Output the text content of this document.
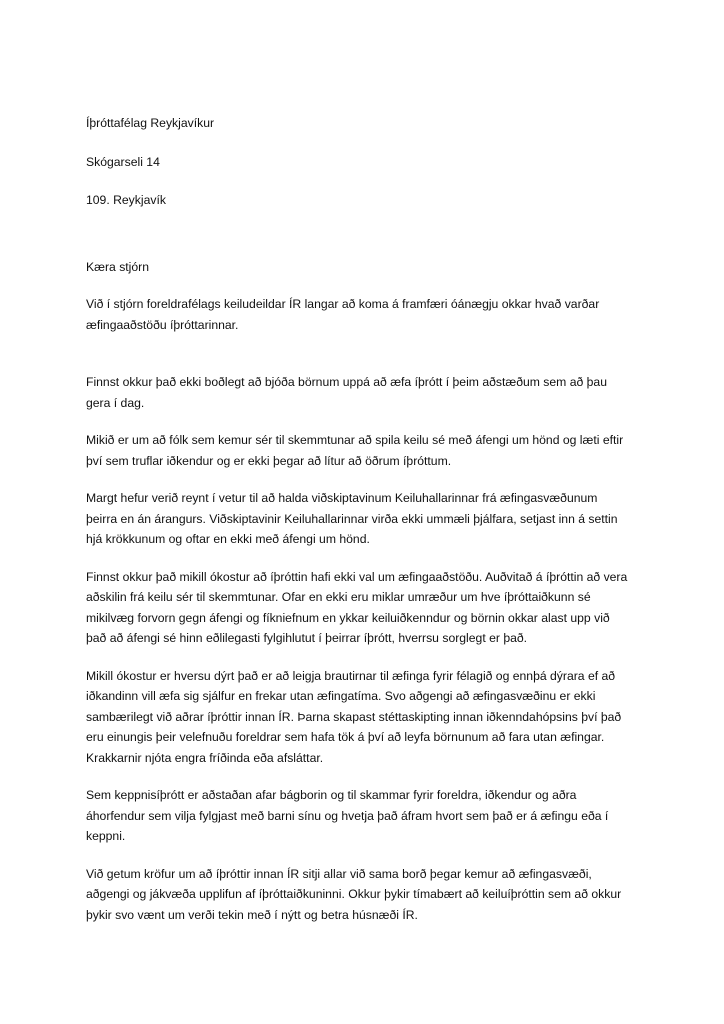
Íþróttafélag Reykjavíkur
Skógarseli 14
109. Reykjavík
Kæra stjórn
Við í stjórn foreldrafélags keiludeildar ÍR langar að koma á framfæri óánægju okkar hvað varðar
æfingaaðstöðu íþróttarinnar.
Finnst okkur það ekki boðlegt að bjóða börnum uppá að æfa íþrótt í þeim aðstæðum sem að þau
gera í dag.
Mikið er um að fólk sem kemur sér til skemmtunar að spila keilu sé með áfengi um hönd og læti eftir
því sem truflar iðkendur og er ekki þegar að lítur að öðrum íþróttum.
Margt hefur verið reynt í vetur til að halda viðskiptavinum Keiluhallarinnar frá æfingasvæðunum
þeirra en án árangurs. Viðskiptavinir Keiluhallarinnar virða ekki ummæli þjálfara, setjast inn á settin
hjá krökkunum og oftar en ekki með áfengi um hönd.
Finnst okkur það mikill ókostur að íþróttin hafi ekki val um æfingaaðstöðu. Auðvitað á íþróttin að vera
aðskilin frá keilu sér til skemmtunar. Ofar en ekki eru miklar umræður um hve íþróttaiðkunn sé
mikilvæg forvorn gegn áfengi og fíkniefnum en ykkar keiluiðkenndur og börnin okkar alast upp við
það að áfengi sé hinn eðlilegasti fylgihlutut í þeirrar íþrótt, hverrsu sorglegt er það.
Mikill ókostur er hversu dýrt það er að leigja brautirnar til æfinga fyrir félagið og ennþá dýrara ef að
iðkandinn vill æfa sig sjálfur en frekar utan æfingatíma. Svo aðgengi að æfingasvæðinu er ekki
sambærilegt við aðrar íþróttir innan ÍR. Þarna skapast stéttaskipting innan iðkenndahópsins því það
eru einungis þeir velefnuðu foreldrar sem hafa tök á því að leyfa börnunum að fara utan æfingar.
Krakkarnir njóta engra fríðinda eða afsláttar.
Sem keppnisíþrótt er aðstaðan afar bágborin og til skammar fyrir foreldra, iðkendur og aðra
áhorfendur sem vilja fylgjast með barni sínu og hvetja það áfram hvort sem það er á æfingu eða í
keppni.
Við getum kröfur um að íþróttir innan ÍR sitji allar við sama borð þegar kemur að æfingasvæði,
aðgengi og jákvæða upplifun af íþróttaiðkuninni. Okkur þykir tímabært að keiluíþróttin sem að okkur
þykir svo vænt um verði tekin með í nýtt og betra húsnæði ÍR.
